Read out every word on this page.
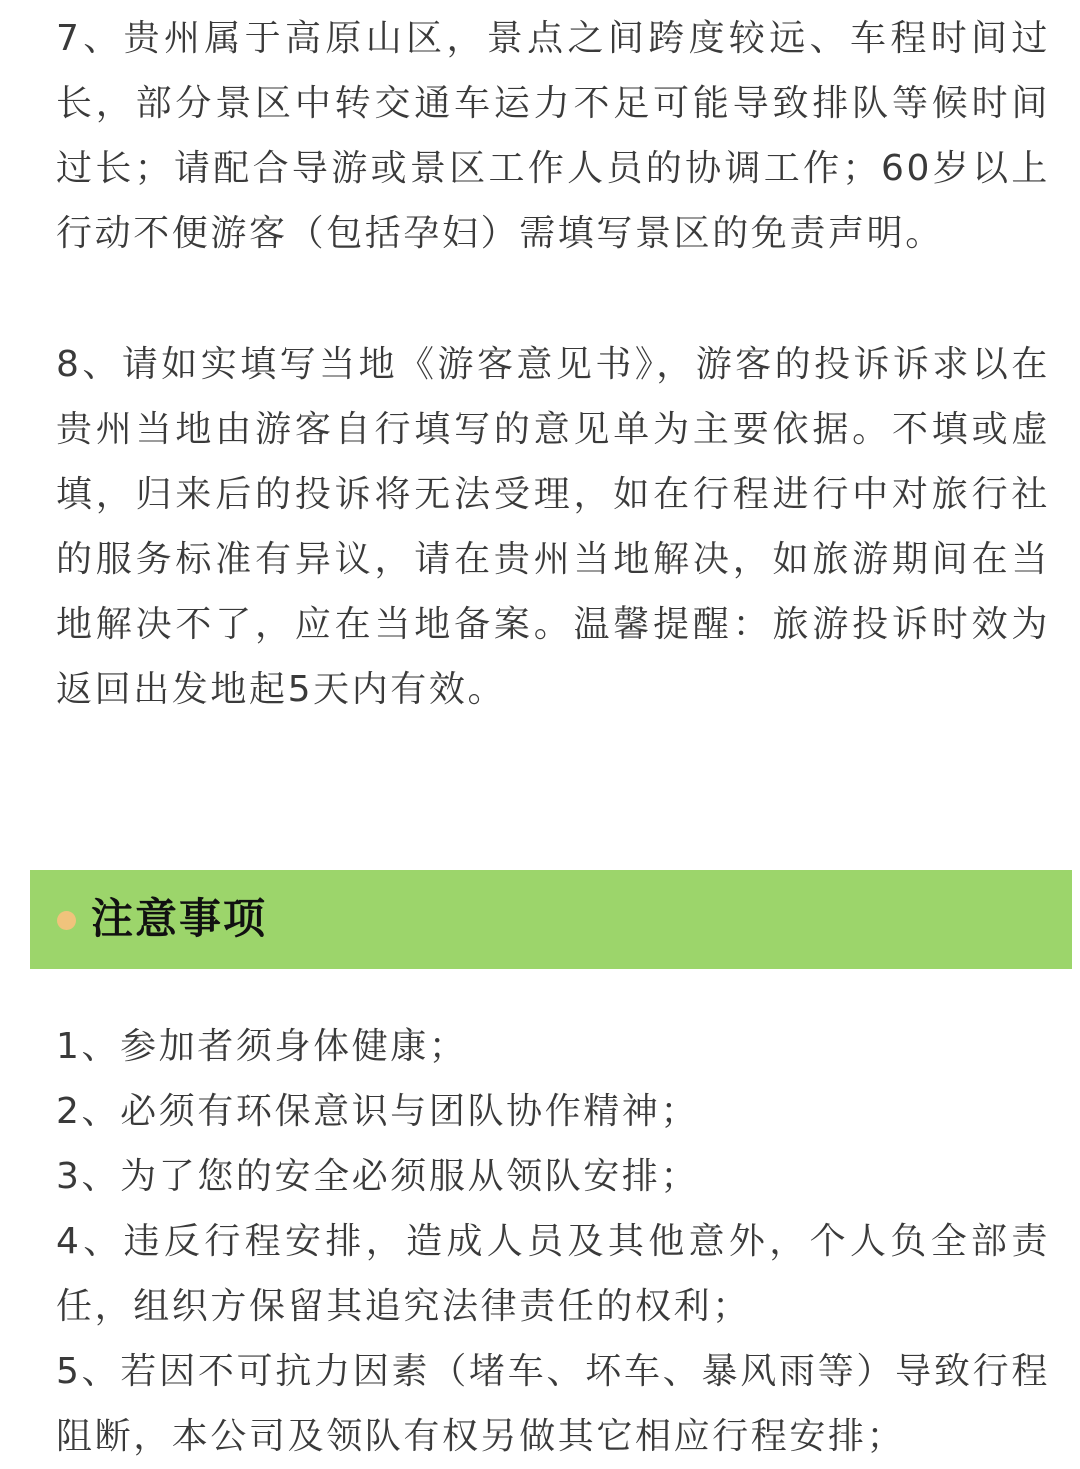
7、贵州属于高原山区，景点之间跨度较远、车程时间过长，部分景区中转交通车运力不足可能导致排队等候时间过长；请配合导游或景区工作人员的协调工作；60岁以上行动不便游客（包括孕妇）需填写景区的免责声明。

8、请如实填写当地《游客意见书》，游客的投诉诉求以在贵州当地由游客自行填写的意见单为主要依据。不填或虚填，归来后的投诉将无法受理，如在行程进行中对旅行社的服务标准有异议，请在贵州当地解决，如旅游期间在当地解决不了，应在当地备案。温馨提醒：旅游投诉时效为返回出发地起5天内有效。

注意事项
1、参加者须身体健康；
2、必须有环保意识与团队协作精神；
3、为了您的安全必须服从领队安排；
4、违反行程安排，造成人员及其他意外，个人负全部责任，组织方保留其追究法律责任的权利；
5、若因不可抗力因素（堵车、坏车、暴风雨等）导致行程阻断，本公司及领队有权另做其它相应行程安排；
